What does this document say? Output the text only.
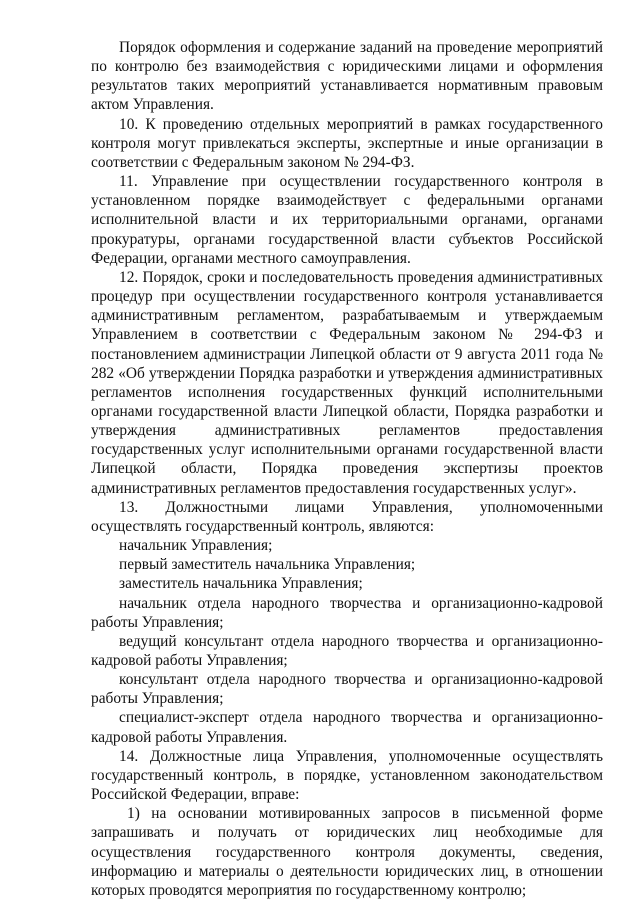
Порядок оформления и содержание заданий на проведение мероприятий по контролю без взаимодействия с юридическими лицами и оформления результатов таких мероприятий устанавливается нормативным правовым актом Управления.

10. К проведению отдельных мероприятий в рамках государственного контроля могут привлекаться эксперты, экспертные и иные организации в соответствии с Федеральным законом № 294-ФЗ.

11. Управление при осуществлении государственного контроля в установленном порядке взаимодействует с федеральными органами исполнительной власти и их территориальными органами, органами прокуратуры, органами государственной власти субъектов Российской Федерации, органами местного самоуправления.

12. Порядок, сроки и последовательность проведения административных процедур при осуществлении государственного контроля устанавливается административным регламентом, разрабатываемым и утверждаемым Управлением в соответствии с Федеральным законом № 294-ФЗ и постановлением администрации Липецкой области от 9 августа 2011 года № 282 «Об утверждении Порядка разработки и утверждения административных регламентов исполнения государственных функций исполнительными органами государственной власти Липецкой области, Порядка разработки и утверждения административных регламентов предоставления государственных услуг исполнительными органами государственной власти Липецкой области, Порядка проведения экспертизы проектов административных регламентов предоставления государственных услуг».

13. Должностными лицами Управления, уполномоченными осуществлять государственный контроль, являются:

начальник Управления;

первый заместитель начальника Управления;

заместитель начальника Управления;

начальник отдела народного творчества и организационно-кадровой работы Управления;

ведущий консультант отдела народного творчества и организационно-кадровой работы Управления;

консультант отдела народного творчества и организационно-кадровой работы Управления;

специалист-эксперт отдела народного творчества и организационно-кадровой работы Управления.

14. Должностные лица Управления, уполномоченные осуществлять государственный контроль, в порядке, установленном законодательством Российской Федерации, вправе:

1) на основании мотивированных запросов в письменной форме запрашивать и получать от юридических лиц необходимые для осуществления государственного контроля документы, сведения, информацию и материалы о деятельности юридических лиц, в отношении которых проводятся мероприятия по государственному контролю;
